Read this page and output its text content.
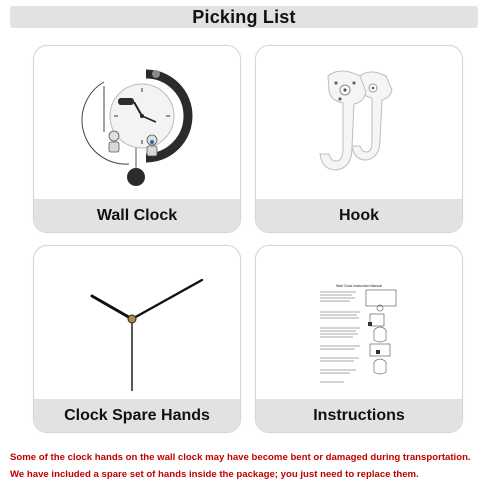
Picking List
Wall Clock	Hook
Clock Spare Hands
Wall Clock Instruction Manual
Instructions
Some of the clock hands on the wall clock may have become bent or damaged during transportation.
We have included a spare set of hands inside the package; you just need to replace them.
